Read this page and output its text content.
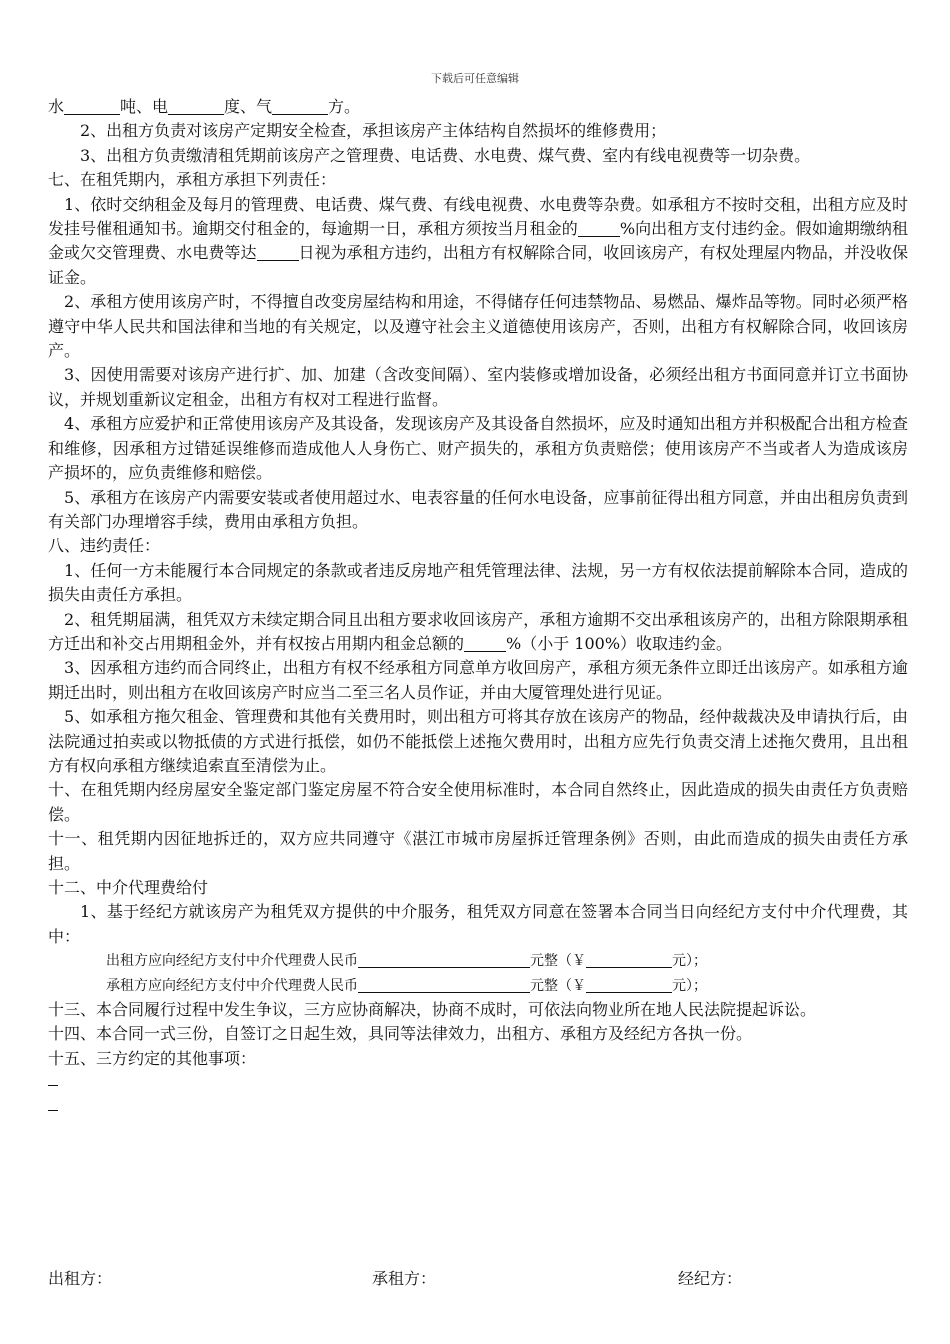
下载后可任意编辑

水	吨、电	度、气	方。

2、出租方负责对该房产定期安全检查，承担该房产主体结构自然损坏的维修费用；

3、出租方负责缴清租凭期前该房产之管理费、电话费、水电费、煤气费、室内有线电视费等一切杂费。

七、在租凭期内，承租方承担下列责任：

1、依时交纳租金及每月的管理费、电话费、煤气费、有线电视费、水电费等杂费。如承租方不按时交租，出租方应及时发挂号催租通知书。逾期交付租金的，每逾期一日，承租方须按当月租金的	%向出租方支付违约金。假如逾期缴纳租金或欠交管理费、水电费等达	日视为承租方违约，出租方有权解除合同，收回该房产，有权处理屋内物品，并没收保证金。

2、承租方使用该房产时，不得擅自改变房屋结构和用途，不得储存任何违禁物品、易燃品、爆炸品等物。同时必须严格遵守中华人民共和国法律和当地的有关规定，以及遵守社会主义道德使用该房产，否则，出租方有权解除合同，收回该房产。

3、因使用需要对该房产进行扩、加、加建（含改变间隔）、室内装修或增加设备，必须经出租方书面同意并订立书面协议，并规划重新议定租金，出租方有权对工程进行监督。

4、承租方应爱护和正常使用该房产及其设备，发现该房产及其设备自然损坏，应及时通知出租方并积极配合出租方检查和维修，因承租方过错延误维修而造成他人人身伤亡、财产损失的，承租方负责赔偿；使用该房产不当或者人为造成该房产损坏的，应负责维修和赔偿。

5、承租方在该房产内需要安装或者使用超过水、电表容量的任何水电设备，应事前征得出租方同意，并由出租房负责到有关部门办理增容手续，费用由承租方负担。

八、违约责任：

1、任何一方未能履行本合同规定的条款或者违反房地产租凭管理法律、法规，另一方有权依法提前解除本合同，造成的损失由责任方承担。

2、租凭期届满，租凭双方未续定期合同且出租方要求收回该房产，承租方逾期不交出承租该房产的，出租方除限期承租方迁出和补交占用期租金外，并有权按占用期内租金总额的	%（小于 100%）收取违约金。

3、因承租方违约而合同终止，出租方有权不经承租方同意单方收回房产，承租方须无条件立即迁出该房产。如承租方逾期迁出时，则出租方在收回该房产时应当二至三名人员作证，并由大厦管理处进行见证。

5、如承租方拖欠租金、管理费和其他有关费用时，则出租方可将其存放在该房产的物品，经仲裁裁决及申请执行后，由法院通过拍卖或以物抵债的方式进行抵偿，如仍不能抵偿上述拖欠费用时，出租方应先行负责交清上述拖欠费用，且出租方有权向承租方继续追索直至清偿为止。

十、在租凭期内经房屋安全鉴定部门鉴定房屋不符合安全使用标准时，本合同自然终止，因此造成的损失由责任方负责赔偿。

十一、租凭期内因征地拆迁的，双方应共同遵守《湛江市城市房屋拆迁管理条例》否则，由此而造成的损失由责任方承担。

十二、中介代理费给付

1、基于经纪方就该房产为租凭双方提供的中介服务，租凭双方同意在签署本合同当日向经纪方支付中介代理费，其中：

出租方应向经纪方支付中介代理费人民币	元整（￥	元）；
承租方应向经纪方支付中介代理费人民币	元整（￥	元）；

十三、本合同履行过程中发生争议，三方应协商解决，协商不成时，可依法向物业所在地人民法院提起诉讼。

十四、本合同一式三份，自签订之日起生效，具同等法律效力，出租方、承租方及经纪方各执一份。

十五、三方约定的其他事项：

出租方：	承租方：	经纪方：
